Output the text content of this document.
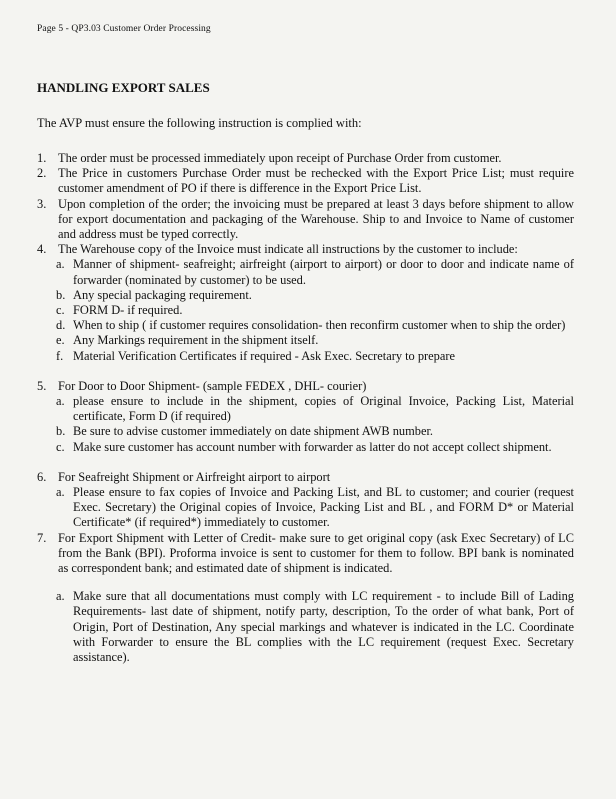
Page 5 - QP3.03 Customer Order Processing
HANDLING EXPORT SALES
The AVP must ensure the following instruction is complied with:
1. The order must be processed immediately upon receipt of Purchase Order from customer.
2. The Price in customers Purchase Order must be rechecked with the Export Price List; must require customer amendment of PO if there is difference in the Export Price List.
3. Upon completion of the order; the invoicing must be prepared at least 3 days before shipment to allow for export documentation and packaging of the Warehouse. Ship to and Invoice to Name of customer and address must be typed correctly.
4. The Warehouse copy of the Invoice must indicate all instructions by the customer to include:
a. Manner of shipment- seafreight; airfreight (airport to airport) or door to door and indicate name of forwarder (nominated by customer) to be used.
b. Any special packaging requirement.
c. FORM D- if required.
d. When to ship ( if customer requires consolidation- then reconfirm customer when to ship the order)
e. Any Markings requirement in the shipment itself.
f. Material Verification Certificates if required - Ask Exec. Secretary to prepare
5. For Door to Door Shipment- (sample FEDEX , DHL- courier)
a. please ensure to include in the shipment, copies of Original Invoice, Packing List, Material certificate, Form D (if required)
b. Be sure to advise customer immediately on date shipment AWB number.
c. Make sure customer has account number with forwarder as latter do not accept collect shipment.
6. For Seafreight Shipment or Airfreight airport to airport
a. Please ensure to fax copies of Invoice and Packing List, and BL to customer; and courier (request Exec. Secretary) the Original copies of Invoice, Packing List and BL , and FORM D* or Material Certificate* (if required*) immediately to customer.
7. For Export Shipment with Letter of Credit- make sure to get original copy (ask Exec Secretary) of LC from the Bank (BPI). Proforma invoice is sent to customer for them to follow. BPI bank is nominated as correspondent bank; and estimated date of shipment is indicated.
a. Make sure that all documentations must comply with LC requirement - to include Bill of Lading Requirements- last date of shipment, notify party, description, To the order of what bank, Port of Origin, Port of Destination, Any special markings and whatever is indicated in the LC. Coordinate with Forwarder to ensure the BL complies with the LC requirement (request Exec. Secretary assistance).
